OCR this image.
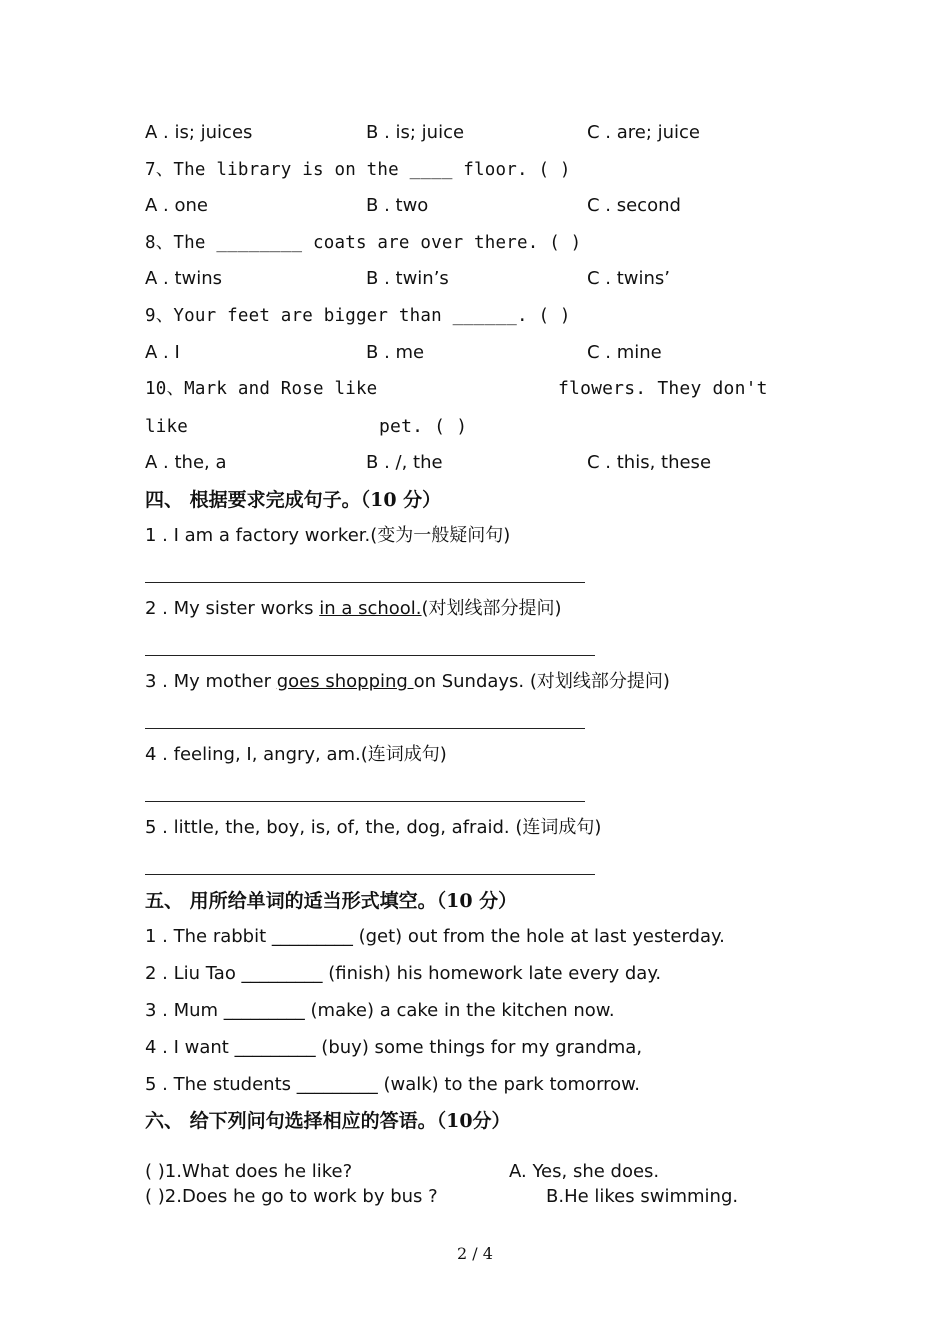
A . is; juices	B . is; juice	C . are; juice
7、The library is on the ____ floor. ( )
A . one	B . two	C . second
8、The ________ coats are over there. ( )
A . twins	B . twin’s	C . twins’
9、Your feet are bigger than ______. ( )
A . I	B . me	C . mine
10、Mark and Rose like	flowers. They don't
like	pet. ( )
A . the, a	B . /, the	C . this, these
四、 根据要求完成句子。（10 分）
1 . I am a factory worker.(变为一般疑问句)
2 . My sister works in a school.(对划线部分提问)
3 . My mother goes shopping on Sundays. (对划线部分提问)
4 . feeling, I, angry, am.(连词成句)
5 . little, the, boy, is, of, the, dog, afraid. (连词成句)
五、 用所给单词的适当形式填空。（10 分）
1 . The rabbit _________ (get) out from the hole at last yesterday.
2 . Liu Tao _________ (finish) his homework late every day.
3 . Mum _________ (make) a cake in the kitchen now.
4 . I want _________ (buy) some things for my grandma,
5 . The students _________ (walk) to the park tomorrow.
六、 给下列问句选择相应的答语。（10分）
( )1.What does he like?	A. Yes, she does.
( )2.Does he go to work by bus ?	B.He likes swimming.
2 / 4
